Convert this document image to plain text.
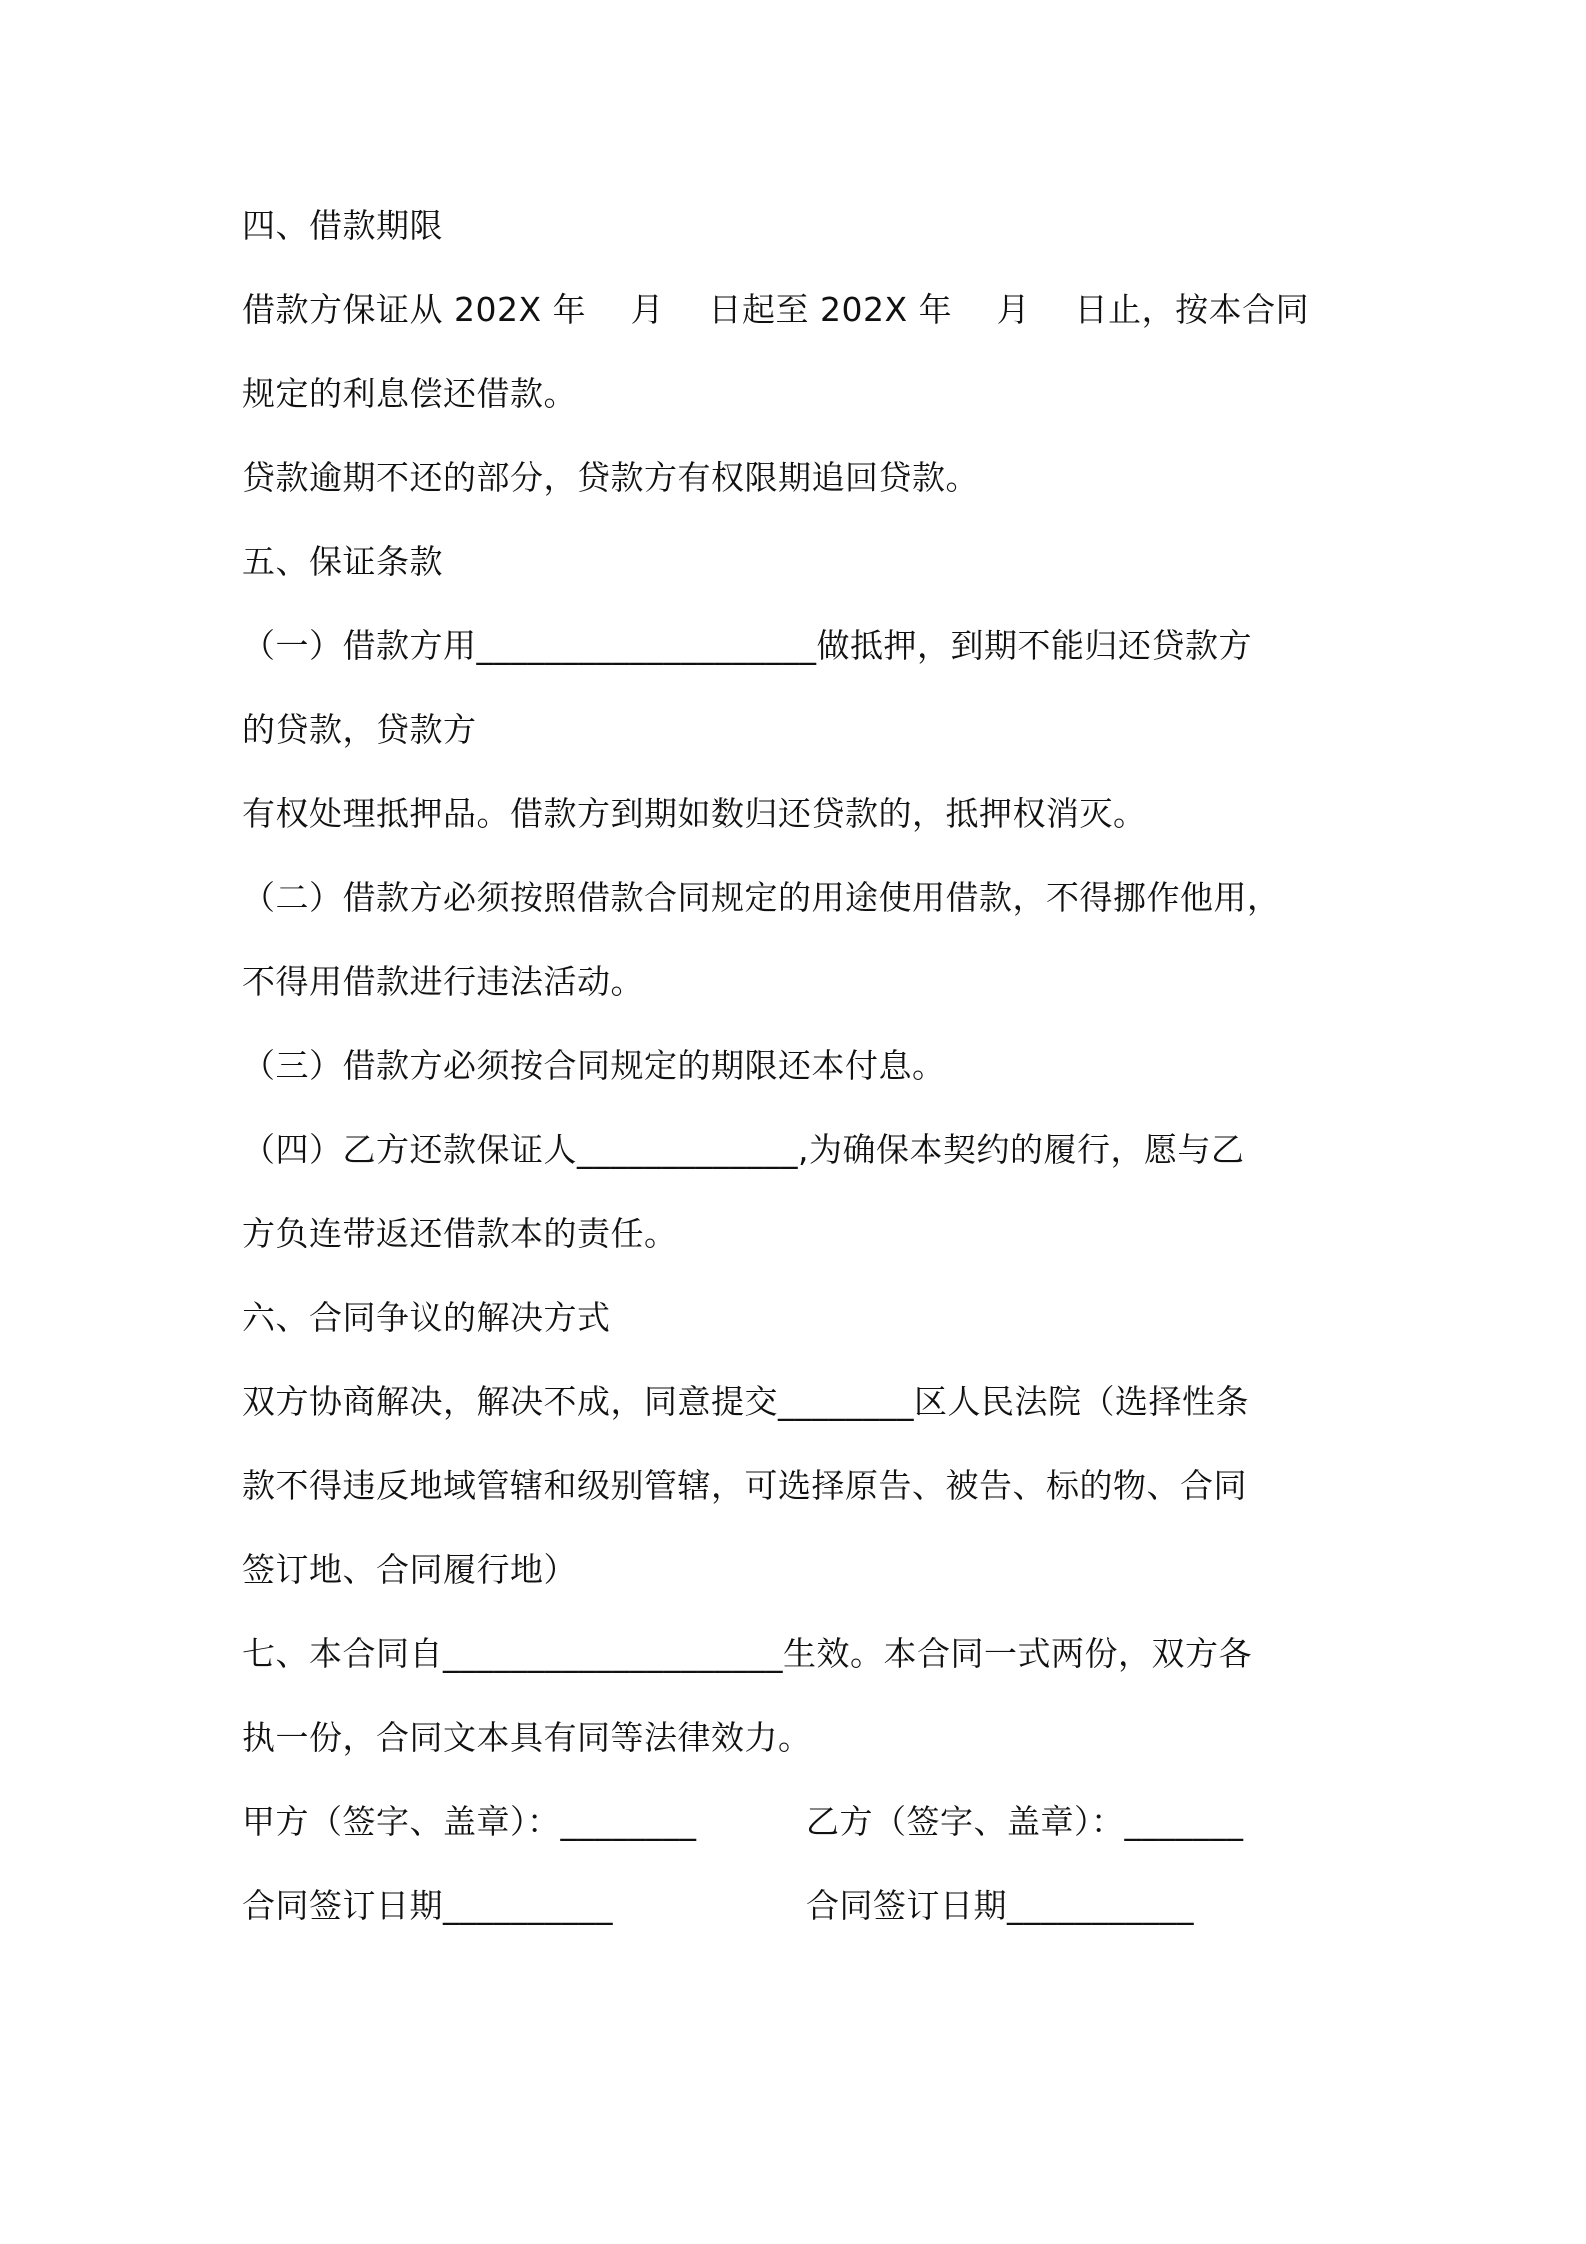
四、借款期限
借款方保证从 202X 年　 月　 日起至 202X 年　 月　 日止，按本合同
规定的利息偿还借款。
贷款逾期不还的部分，贷款方有权限期追回贷款。
五、保证条款
（一）借款方用____________________做抵押，到期不能归还贷款方
的贷款，贷款方
有权处理抵押品。借款方到期如数归还贷款的，抵押权消灭。
（二）借款方必须按照借款合同规定的用途使用借款，不得挪作他用，
不得用借款进行违法活动。
（三）借款方必须按合同规定的期限还本付息。
（四）乙方还款保证人_____________,为确保本契约的履行，愿与乙
方负连带返还借款本的责任。
六、合同争议的解决方式
双方协商解决，解决不成，同意提交________区人民法院（选择性条
款不得违反地域管辖和级别管辖，可选择原告、被告、标的物、合同
签订地、合同履行地）
七、本合同自____________________生效。本合同一式两份，双方各
执一份，合同文本具有同等法律效力。
甲方（签字、盖章）：________	乙方（签字、盖章）：_______
合同签订日期__________	合同签订日期___________
